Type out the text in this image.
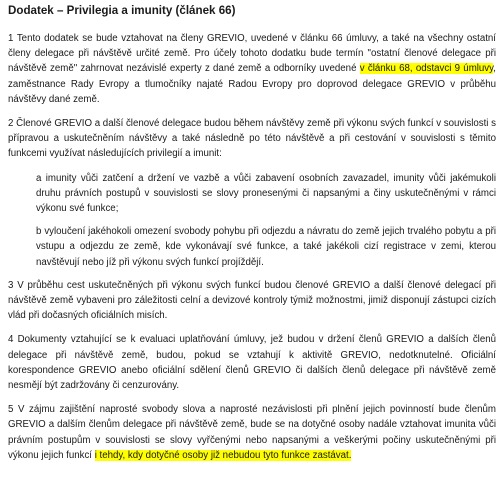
Dodatek – Privilegia a imunity (článek 66)

1 Tento dodatek se bude vztahovat na členy GREVIO, uvedené v článku 66 úmluvy, a také na všechny ostatní členy delegace při návštěvě určité země. Pro účely tohoto dodatku bude termín "ostatní členové delegace při návštěvě země" zahrnovat nezávislé experty z dané země a odborníky uvedené v článku 68, odstavci 9 úmluvy, zaměstnance Rady Evropy a tlumočníky najaté Radou Evropy pro doprovod delegace GREVIO v průběhu návštěvy dané země.

2 Členové GREVIO a další členové delegace budou během návštěvy země při výkonu svých funkcí v souvislosti s přípravou a uskutečněním návštěvy a také následně po této návštěvě a při cestování v souvislosti s těmito funkcemi využívat následujících privilegií a imunit:

a imunity vůči zatčení a držení ve vazbě a vůči zabavení osobních zavazadel, imunity vůči jakémukoli druhu právních postupů v souvislosti se slovy pronesenými či napsanými a činy uskutečněnými v rámci výkonu své funkce;

b vyloučení jakéhokoli omezení svobody pohybu při odjezdu a návratu do země jejich trvalého pobytu a při vstupu a odjezdu ze země, kde vykonávají své funkce, a také jakékoli cizí registrace v zemi, kterou navštěvují nebo jíž při výkonu svých funkcí projíždějí.

3 V průběhu cest uskutečněných při výkonu svých funkcí budou členové GREVIO a další členové delegací při návštěvě země vybaveni pro záležitosti celní a devizové kontroly týmiž možnostmi, jimiž disponují zástupci cizích vlád při dočasných oficiálních misích.

4 Dokumenty vztahující se k evaluaci uplatňování úmluvy, jež budou v držení členů GREVIO a dalších členů delegace při návštěvě země, budou, pokud se vztahují k aktivitě GREVIO, nedotknutelné. Oficiální korespondence GREVIO anebo oficiální sdělení členů GREVIO či dalších členů delegace při návštěvě země nesmějí být zadržovány či cenzurovány.

5 V zájmu zajištění naprosté svobody slova a naprosté nezávislosti při plnění jejich povinností bude členům GREVIO a dalším členům delegace při návštěvě země, bude se na dotyčné osoby nadále vztahovat imunita vůči právním postupům v souvislosti se slovy vyřčenými nebo napsanými a veškerými počiny uskutečněnými při výkonu jejich funkcí i tehdy, kdy dotyčné osoby již nebudou tyto funkce zastávat.
